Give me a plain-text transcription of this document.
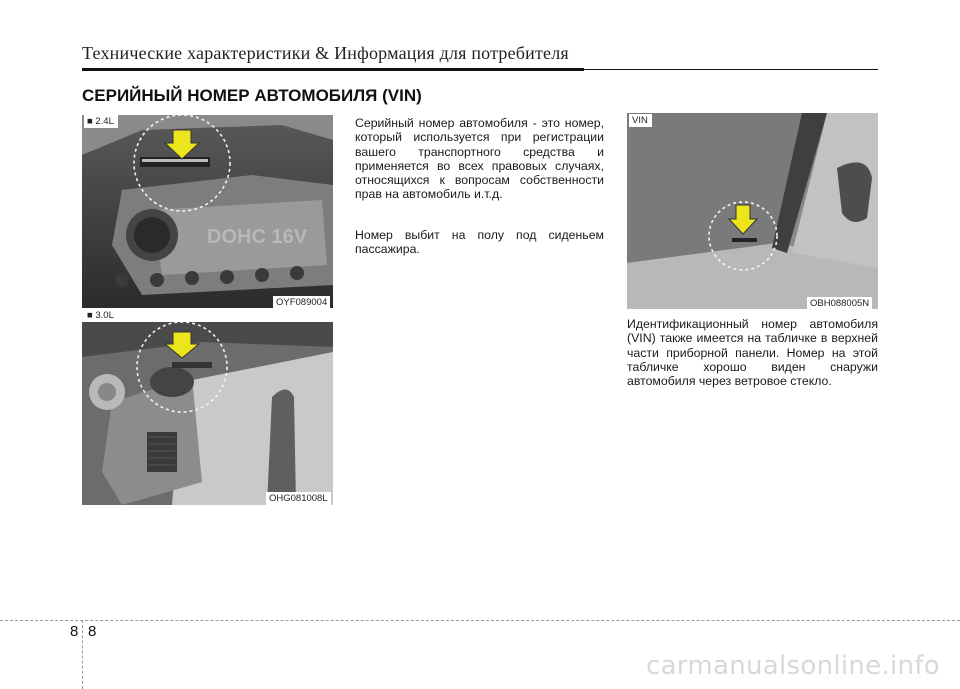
Технические характеристики & Информация для потребителя
СЕРИЙНЫЙ НОМЕР АВТОМОБИЛЯ (VIN)
DOHC 16V
■ 2.4L
OYF089004
■ 3.0L
OHG081008L
Серийный номер автомобиля - это номер, который используется при регистрации вашего транспортного средства и применяется во всех правовых случаях, относящихся к вопросам собственности прав на автомобиль и.т.д.
Номер выбит на полу под сиденьем пассажира.
VIN
OBH088005N
Идентификационный номер автомобиля (VIN) также имеется на табличке в верхней части приборной панели. Номер на этой табличке хорошо виден снаружи автомобиля через ветровое стекло.
8 8
carmanualsonline.info
